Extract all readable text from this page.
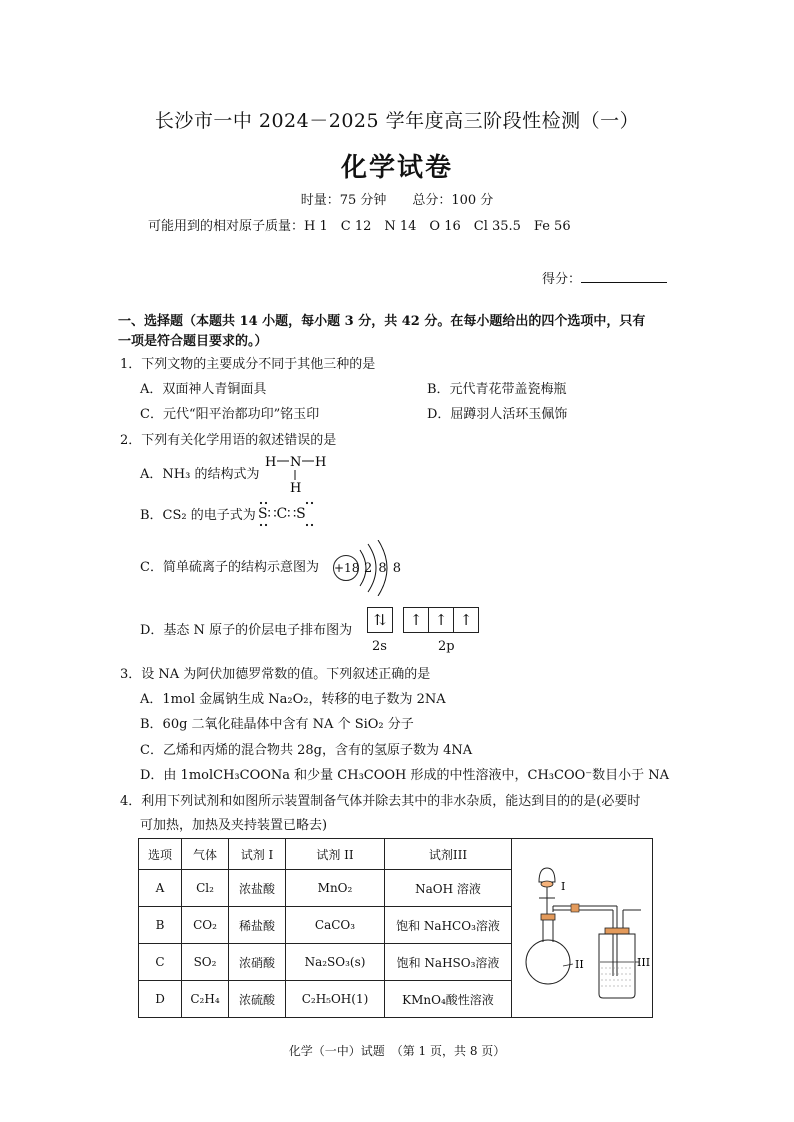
长沙市一中 2024－2025 学年度高三阶段性检测（一）
化学试卷
时量：75 分钟　　总分：100 分
可能用到的相对原子质量：H 1　C 12　N 14　O 16　Cl 35.5　Fe 56
得分：
一、选择题（本题共 14 小题，每小题 3 分，共 42 分。在每小题给出的四个选项中，只有
一项是符合题目要求的。）
1．下列文物的主要成分不同于其他三种的是
A．双面神人青铜面具	B．元代青花带盖瓷梅瓶
C．元代“阳平治都功印”铭玉印	D．屈蹲羽人活环玉佩饰
2．下列有关化学用语的叙述错误的是
A．NH₃ 的结构式为
H N H
H
B．CS₂ 的电子式为 S∷C∷S
C．简单硫离子的结构示意图为 +18 2 8 8
D．基态 N 原子的价层电子排布图为
⇅	↑ ↑ ↑
2s	2p
3．设 NA 为阿伏加德罗常数的值。下列叙述正确的是
A．1mol 金属钠生成 Na₂O₂，转移的电子数为 2NA
B．60g 二氧化硅晶体中含有 NA 个 SiO₂ 分子
C．乙烯和丙烯的混合物共 28g，含有的氢原子数为 4NA
D．由 1molCH₃COONa 和少量 CH₃COOH 形成的中性溶液中，CH₃COO⁻数目小于 NA
4．利用下列试剂和如图所示装置制备气体并除去其中的非水杂质，能达到目的的是(必要时
可加热，加热及夹持装置已略去)
选项	气体	试剂 I	试剂 II	试剂III	
A	Cl₂	浓盐酸	MnO₂	NaOH 溶液	
B	CO₂	稀盐酸	CaCO₃	饱和 NaHCO₃溶液	
C	SO₂	浓硝酸	Na₂SO₃(s)	饱和 NaHSO₃溶液	
D	C₂H₄	浓硫酸	C₂H₅OH(1)	KMnO₄酸性溶液	
I
II	III
化学（一中）试题　（第 1 页，共 8 页）
